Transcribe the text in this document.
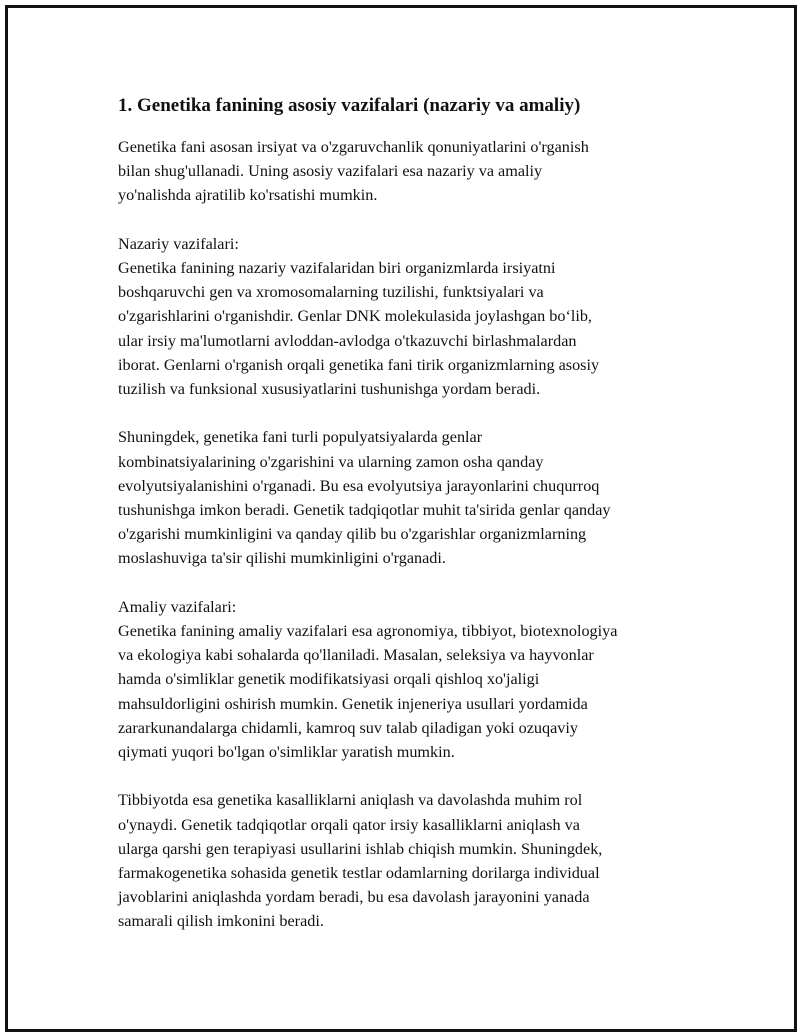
1. Genetika fanining asosiy vazifalari (nazariy va amaliy)

Genetika fani asosan irsiyat va o'zgaruvchanlik qonuniyatlarini o'rganish
bilan shug'ullanadi. Uning asosiy vazifalari esa nazariy va amaliy
yo'nalishda ajratilib ko'rsatishi mumkin.

Nazariy vazifalari:
Genetika fanining nazariy vazifalaridan biri organizmlarda irsiyatni
boshqaruvchi gen va xromosomalarning tuzilishi, funktsiyalari va
o'zgarishlarini o'rganishdir. Genlar DNK molekulasida joylashgan bo‘lib,
ular irsiy ma'lumotlarni avloddan-avlodga o'tkazuvchi birlashmalardan
iborat. Genlarni o'rganish orqali genetika fani tirik organizmlarning asosiy
tuzilish va funksional xususiyatlarini tushunishga yordam beradi.

Shuningdek, genetika fani turli populyatsiyalarda genlar
kombinatsiyalarining o'zgarishini va ularning zamon osha qanday
evolyutsiyalanishini o'rganadi. Bu esa evolyutsiya jarayonlarini chuqurroq
tushunishga imkon beradi. Genetik tadqiqotlar muhit ta'sirida genlar qanday
o'zgarishi mumkinligini va qanday qilib bu o'zgarishlar organizmlarning
moslashuviga ta'sir qilishi mumkinligini o'rganadi.

Amaliy vazifalari:
Genetika fanining amaliy vazifalari esa agronomiya, tibbiyot, biotexnologiya
va ekologiya kabi sohalarda qo'llaniladi. Masalan, seleksiya va hayvonlar
hamda o'simliklar genetik modifikatsiyasi orqali qishloq xo'jaligi
mahsuldorligini oshirish mumkin. Genetik injeneriya usullari yordamida
zararkunandalarga chidamli, kamroq suv talab qiladigan yoki ozuqaviy
qiymati yuqori bo'lgan o'simliklar yaratish mumkin.

Tibbiyotda esa genetika kasalliklarni aniqlash va davolashda muhim rol
o'ynaydi. Genetik tadqiqotlar orqali qator irsiy kasalliklarni aniqlash va
ularga qarshi gen terapiyasi usullarini ishlab chiqish mumkin. Shuningdek,
farmakogenetika sohasida genetik testlar odamlarning dorilarga individual
javoblarini aniqlashda yordam beradi, bu esa davolash jarayonini yanada
samarali qilish imkonini beradi.
